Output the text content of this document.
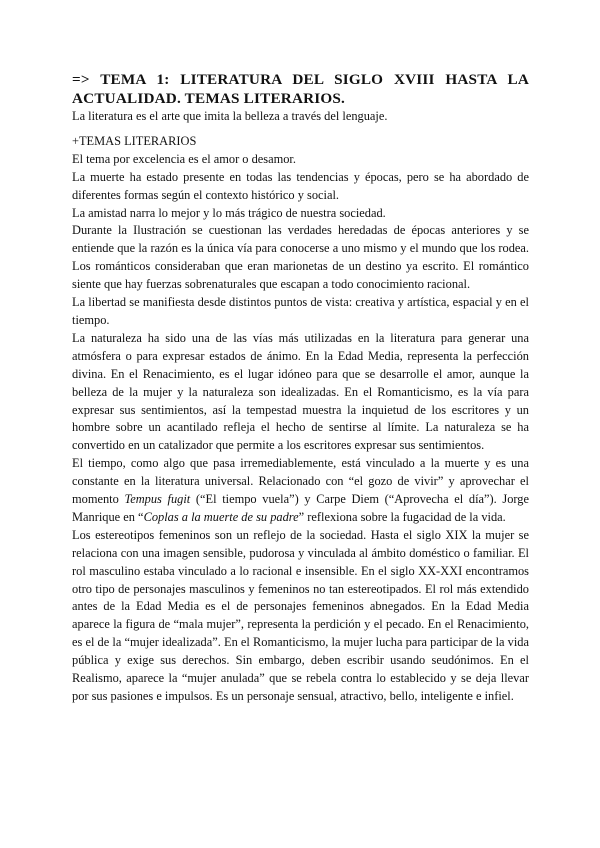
=> TEMA 1: LITERATURA DEL SIGLO XVIII HASTA LA ACTUALIDAD. TEMAS LITERARIOS.

La literatura es el arte que imita la belleza a través del lenguaje.

+TEMAS LITERARIOS

El tema por excelencia es el amor o desamor.

La muerte ha estado presente en todas las tendencias y épocas, pero se ha abordado de diferentes formas según el contexto histórico y social.

La amistad narra lo mejor y lo más trágico de nuestra sociedad.

Durante la Ilustración se cuestionan las verdades heredadas de épocas anteriores y se entiende que la razón es la única vía para conocerse a uno mismo y el mundo que los rodea. Los románticos consideraban que eran marionetas de un destino ya escrito. El romántico siente que hay fuerzas sobrenaturales que escapan a todo conocimiento racional.

La libertad se manifiesta desde distintos puntos de vista: creativa y artística, espacial y en el tiempo.

La naturaleza ha sido una de las vías más utilizadas en la literatura para generar una atmósfera o para expresar estados de ánimo. En la Edad Media, representa la perfección divina. En el Renacimiento, es el lugar idóneo para que se desarrolle el amor, aunque la belleza de la mujer y la naturaleza son idealizadas. En el Romanticismo, es la vía para expresar sus sentimientos, así la tempestad muestra la inquietud de los escritores y un hombre sobre un acantilado refleja el hecho de sentirse al límite. La naturaleza se ha convertido en un catalizador que permite a los escritores expresar sus sentimientos.

El tiempo, como algo que pasa irremediablemente, está vinculado a la muerte y es una constante en la literatura universal. Relacionado con “el gozo de vivir” y aprovechar el momento Tempus fugit (“El tiempo vuela”) y Carpe Diem (“Aprovecha el día”). Jorge Manrique en “Coplas a la muerte de su padre” reflexiona sobre la fugacidad de la vida.

Los estereotipos femeninos son un reflejo de la sociedad. Hasta el siglo XIX la mujer se relaciona con una imagen sensible, pudorosa y vinculada al ámbito doméstico o familiar. El rol masculino estaba vinculado a lo racional e insensible. En el siglo XX-XXI encontramos otro tipo de personajes masculinos y femeninos no tan estereotipados. El rol más extendido antes de la Edad Media es el de personajes femeninos abnegados. En la Edad Media aparece la figura de “mala mujer”, representa la perdición y el pecado. En el Renacimiento, es el de la “mujer idealizada”. En el Romanticismo, la mujer lucha para participar de la vida pública y exige sus derechos. Sin embargo, deben escribir usando seudónimos. En el Realismo, aparece la “mujer anulada” que se rebela contra lo establecido y se deja llevar por sus pasiones e impulsos. Es un personaje sensual, atractivo, bello, inteligente e infiel.
